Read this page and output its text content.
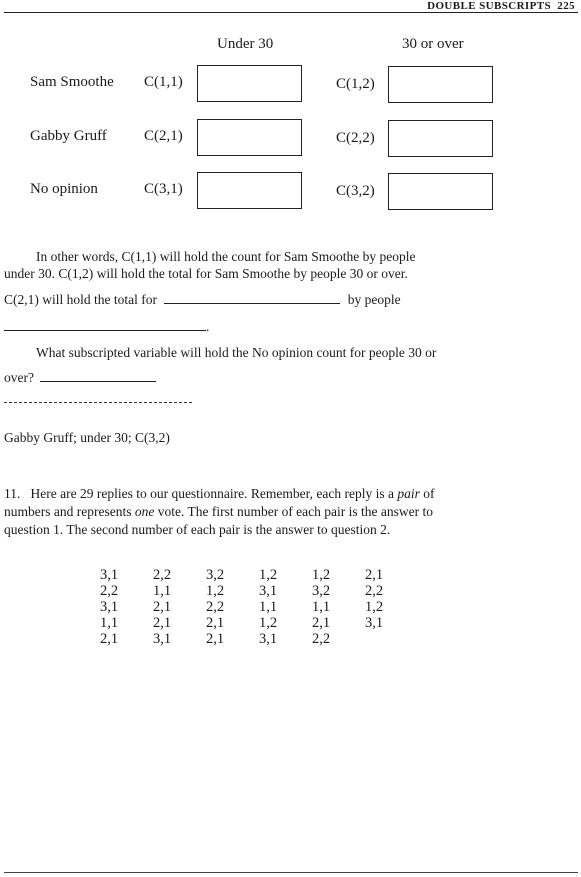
DOUBLE SUBSCRIPTS 225
Under 30	30 or over
Sam Smoothe C(1,1)	C(1,2)
Gabby Gruff C(2,1)	C(2,2)
No opinion	C(3,1)	C(3,2)
In other words, C(1,1) will hold the count for Sam Smoothe by people
under 30. C(1,2) will hold the total for Sam Smoothe by people 30 or over.
C(2,1) will hold the total for	by people
.
What subscripted variable will hold the No opinion count for people 30 or
over?
Gabby Gruff; under 30; C(3,2)
11. Here are 29 replies to our questionnaire. Remember, each reply is a pair of
numbers and represents one vote. The first number of each pair is the answer to
question 1. The second number of each pair is the answer to question 2.
3,1	2,2	3,2	1,2	1,2	2,1
2,2	1,1	1,2	3,1	3,2	2,2
3,1	2,1	2,2	1,1	1,1	1,2
1,1	2,1	2,1	1,2	2,1	3,1
2,1	3,1	2,1	3,1	2,2	
